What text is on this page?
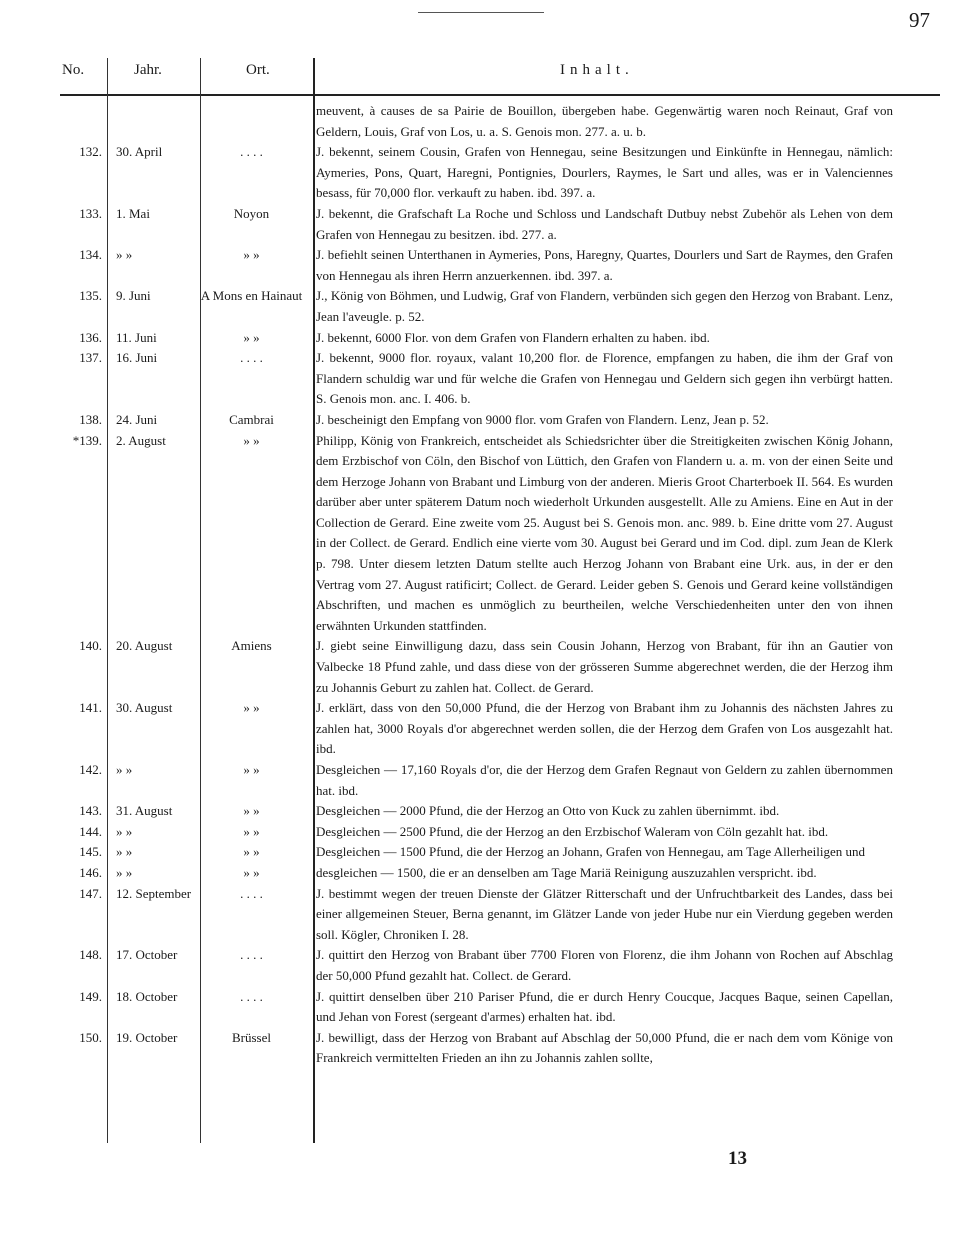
97
No.	Jahr.	Ort.	Inhalt.
meuvent, à causes de sa Pairie de Bouillon, übergeben habe. Gegenwärtig waren noch Reinaut, Graf von Geldern, Louis, Graf von Los, u. a. S. Genois mon. 277. a. u. b.
132.	30. April	. . . .	J. bekennt, seinem Cousin, Grafen von Hennegau, seine Besitzungen und Einkünfte in Hennegau, nämlich: Aymeries, Pons, Quart, Haregni, Pontignies, Dourlers, Raymes, le Sart und alles, was er in Valenciennes besass, für 70,000 flor. verkauft zu haben. ibd. 397. a.
133.	1. Mai	Noyon	J. bekennt, die Grafschaft La Roche und Schloss und Landschaft Dutbuy nebst Zubehör als Lehen von dem Grafen von Hennegau zu besitzen. ibd. 277. a.
134.	» »	» »	J. befiehlt seinen Unterthanen in Aymeries, Pons, Haregny, Quartes, Dourlers und Sart de Raymes, den Grafen von Hennegau als ihren Herrn anzuerkennen. ibd. 397. a.
135.	9. Juni	A Mons en Hainaut	J., König von Böhmen, und Ludwig, Graf von Flandern, verbünden sich gegen den Herzog von Brabant. Lenz, Jean l'aveugle. p. 52.
136.	11. Juni	» »	J. bekennt, 6000 Flor. von dem Grafen von Flandern erhalten zu haben. ibd.
137.	16. Juni	. . . .	J. bekennt, 9000 flor. royaux, valant 10,200 flor. de Florence, empfangen zu haben, die ihm der Graf von Flandern schuldig war und für welche die Grafen von Hennegau und Geldern sich gegen ihn verbürgt hatten. S. Genois mon. anc. I. 406. b.
138.	24. Juni	Cambrai	J. bescheinigt den Empfang von 9000 flor. vom Grafen von Flandern. Lenz, Jean p. 52.
*139.	2. August	» »	Philipp, König von Frankreich, entscheidet als Schiedsrichter über die Streitigkeiten zwischen König Johann, dem Erzbischof von Cöln, den Bischof von Lüttich, den Grafen von Flandern u. a. m. von der einen Seite und dem Herzoge Johann von Brabant und Limburg von der anderen. Mieris Groot Charterboek II. 564. Es wurden darüber aber unter späterem Datum noch wiederholt Urkunden ausgestellt. Alle zu Amiens. Eine en Aut in der Collection de Gerard. Eine zweite vom 25. August bei S. Genois mon. anc. 989. b. Eine dritte vom 27. August in der Collect. de Gerard. Endlich eine vierte vom 30. August bei Gerard und im Cod. dipl. zum Jean de Klerk p. 798. Unter diesem letzten Datum stellte auch Herzog Johann von Brabant eine Urk. aus, in der er den Vertrag vom 27. August ratificirt; Collect. de Gerard. Leider geben S. Genois und Gerard keine vollständigen Abschriften, und machen es unmöglich zu beurtheilen, welche Verschiedenheiten unter den von ihnen erwähnten Urkunden stattfinden.
140.	20. August	Amiens	J. giebt seine Einwilligung dazu, dass sein Cousin Johann, Herzog von Brabant, für ihn an Gautier von Valbecke 18 Pfund zahle, und dass diese von der grösseren Summe abgerechnet werden, die der Herzog ihm zu Johannis Geburt zu zahlen hat. Collect. de Gerard.
141.	30. August	» »	J. erklärt, dass von den 50,000 Pfund, die der Herzog von Brabant ihm zu Johannis des nächsten Jahres zu zahlen hat, 3000 Royals d'or abgerechnet werden sollen, die der Herzog dem Grafen von Los ausgezahlt hat. ibd.
142.	» »	» »	Desgleichen — 17,160 Royals d'or, die der Herzog dem Grafen Regnaut von Geldern zu zahlen übernommen hat. ibd.
143.	31. August	» »	Desgleichen — 2000 Pfund, die der Herzog an Otto von Kuck zu zahlen übernimmt. ibd.
144.	» »	» »	Desgleichen — 2500 Pfund, die der Herzog an den Erzbischof Waleram von Cöln gezahlt hat. ibd.
145.	» »	» »	Desgleichen — 1500 Pfund, die der Herzog an Johann, Grafen von Hennegau, am Tage Allerheiligen und
146.	» »	» »	desgleichen — 1500, die er an denselben am Tage Mariä Reinigung auszuzahlen verspricht. ibd.
147.	12. September	. . . .	J. bestimmt wegen der treuen Dienste der Glätzer Ritterschaft und der Unfruchtbarkeit des Landes, dass bei einer allgemeinen Steuer, Berna genannt, im Glätzer Lande von jeder Hube nur ein Vierdung gegeben werden soll. Kögler, Chroniken I. 28.
148.	17. October	. . . .	J. quittirt den Herzog von Brabant über 7700 Floren von Florenz, die ihm Johann von Rochen auf Abschlag der 50,000 Pfund gezahlt hat. Collect. de Gerard.
149.	18. October	. . . .	J. quittirt denselben über 210 Pariser Pfund, die er durch Henry Coucque, Jacques Baque, seinen Capellan, und Jehan von Forest (sergeant d'armes) erhalten hat. ibd.
150.	19. October	Brüssel	J. bewilligt, dass der Herzog von Brabant auf Abschlag der 50,000 Pfund, die er nach dem vom Könige von Frankreich vermittelten Frieden an ihn zu Johannis zahlen sollte,
13
